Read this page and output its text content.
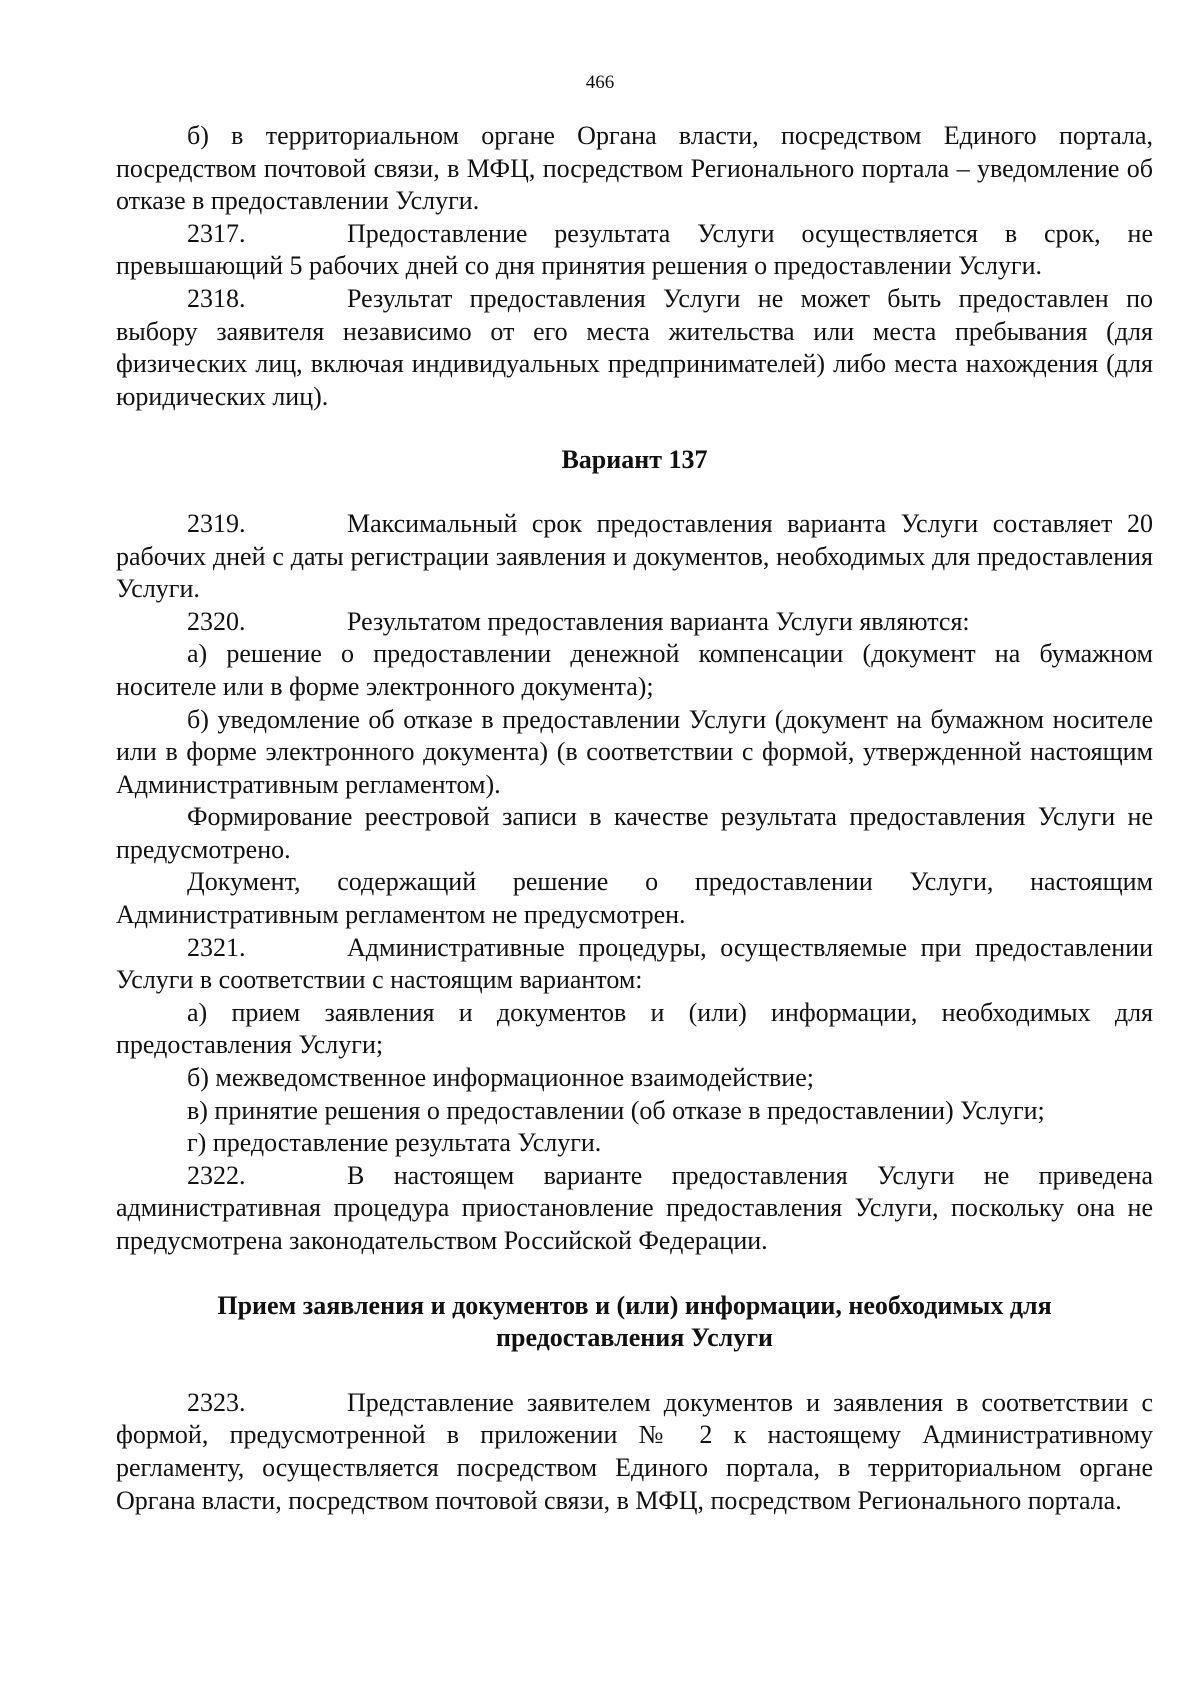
466

б) в территориальном органе Органа власти, посредством Единого портала, посредством почтовой связи, в МФЦ, посредством Регионального портала – уведомление об отказе в предоставлении Услуги.

2317.	Предоставление результата Услуги осуществляется в срок, не превышающий 5 рабочих дней со дня принятия решения о предоставлении Услуги.

2318.	Результат предоставления Услуги не может быть предоставлен по выбору заявителя независимо от его места жительства или места пребывания (для физических лиц, включая индивидуальных предпринимателей) либо места нахождения (для юридических лиц).

Вариант 137

2319.	Максимальный срок предоставления варианта Услуги составляет 20 рабочих дней с даты регистрации заявления и документов, необходимых для предоставления Услуги.

2320.	Результатом предоставления варианта Услуги являются:

а) решение о предоставлении денежной компенсации (документ на бумажном носителе или в форме электронного документа);

б) уведомление об отказе в предоставлении Услуги (документ на бумажном носителе или в форме электронного документа) (в соответствии с формой, утвержденной настоящим Административным регламентом).

Формирование реестровой записи в качестве результата предоставления Услуги не предусмотрено.

Документ, содержащий решение о предоставлении Услуги, настоящим Административным регламентом не предусмотрен.

2321.	Административные процедуры, осуществляемые при предоставлении Услуги в соответствии с настоящим вариантом:

а) прием заявления и документов и (или) информации, необходимых для предоставления Услуги;

б) межведомственное информационное взаимодействие;

в) принятие решения о предоставлении (об отказе в предоставлении) Услуги;

г) предоставление результата Услуги.

2322.	В настоящем варианте предоставления Услуги не приведена административная процедура приостановление предоставления Услуги, поскольку она не предусмотрена законодательством Российской Федерации.

Прием заявления и документов и (или) информации, необходимых для

предоставления Услуги

2323.	Представление заявителем документов и заявления в соответствии с формой, предусмотренной в приложении № 2 к настоящему Административному регламенту, осуществляется посредством Единого портала, в территориальном органе Органа власти, посредством почтовой связи, в МФЦ, посредством Регионального портала.
